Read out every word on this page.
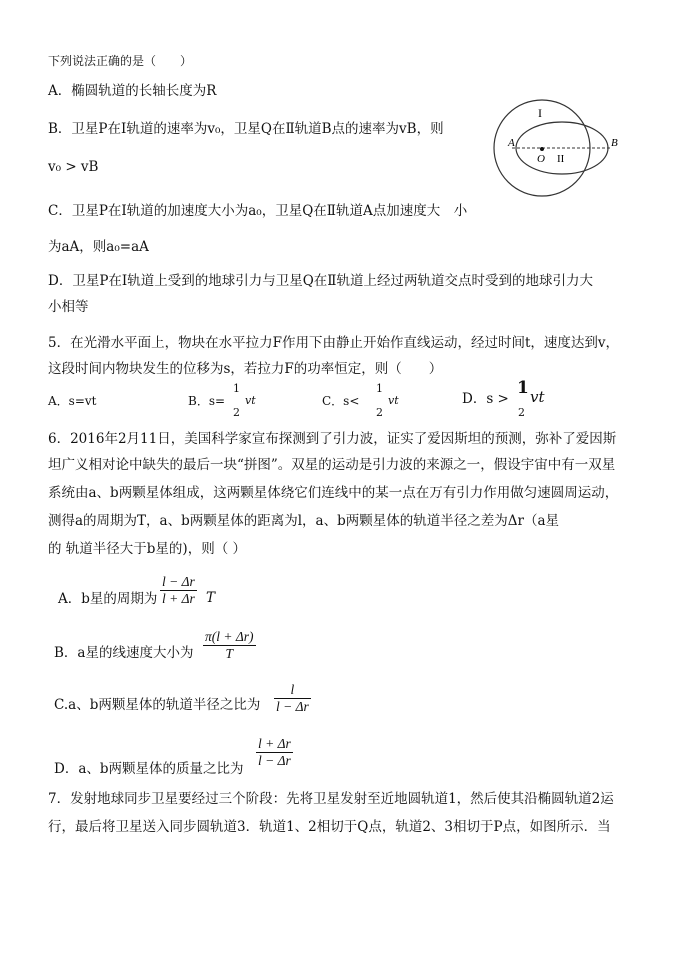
下列说法正确的是（　　）
A．椭圆轨道的长轴长度为R
B．卫星P在Ⅰ轨道的速率为v₀，卫星Q在Ⅱ轨道B点的速率为vB，则
v₀ > vB
C．卫星P在Ⅰ轨道的加速度大小为a₀，卫星Q在Ⅱ轨道A点加速度大　小
为aA，则a₀=aA
D．卫星P在Ⅰ轨道上受到的地球引力与卫星Q在Ⅱ轨道上经过两轨道交点时受到的地球引力大
小相等
I
II
A	B
O
5．在光滑水平面上，物块在水平拉力F作用下由静止开始作直线运动，经过时间t，速度达到v，
这段时间内物块发生的位移为s，若拉力F的功率恒定，则（　　）
A．s=vt	B．s=
1
2
vt	C．s<
1
2
vt	D．s >
1
2
vt
6．2016年2月11日，美国科学家宣布探测到了引力波，证实了爱因斯坦的预测，弥补了爱因斯
坦广义相对论中缺失的最后一块“拼图”。双星的运动是引力波的来源之一，假设宇宙中有一双星
系统由a、b两颗星体组成，这两颗星体绕它们连线中的某一点在万有引力作用做匀速圆周运动，
测得a的周期为T，a、b两颗星体的距离为l，a、b两颗星体的轨道半径之差为Δr（a星
的 轨道半径大于b星的)，则（ ）
A．b星的周期为 $\frac{l - \Delta r}{l + \Delta r}$ T
B．a星的线速度大小为 $\frac{\pi(l + \Delta r)}{T}$
C.a、b两颗星体的轨道半径之比为 $\frac{l}{l - \Delta r}$
D．a、b两颗星体的质量之比为 $\frac{l + \Delta r}{l - \Delta r}$
7．发射地球同步卫星要经过三个阶段：先将卫星发射至近地圆轨道1，然后使其沿椭圆轨道2运
行，最后将卫星送入同步圆轨道3．轨道1、2相切于Q点，轨道2、3相切于P点，如图所示．当
